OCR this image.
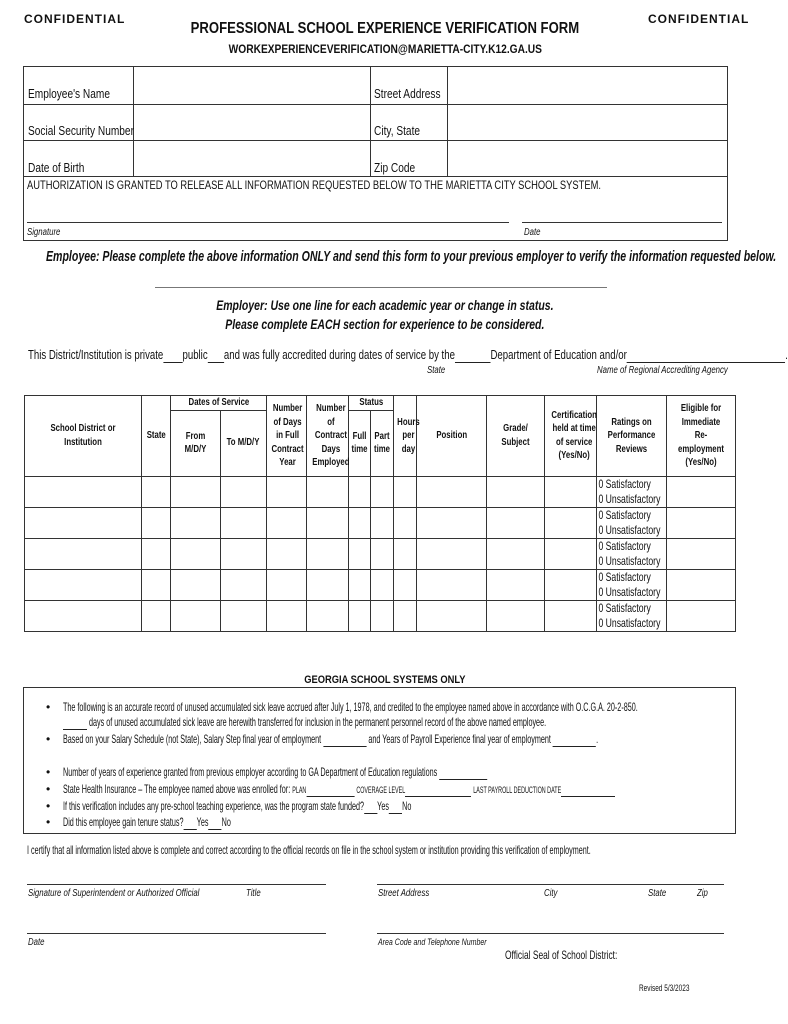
CONFIDENTIAL	CONFIDENTIAL
PROFESSIONAL SCHOOL EXPERIENCE VERIFICATION FORM
WORKEXPERIENCEVERIFICATION@MARIETTA-CITY.K12.GA.US
Employee's Name	Street Address
Social Security Number	City, State
Date of Birth	Zip Code
AUTHORIZATION IS GRANTED TO RELEASE ALL INFORMATION REQUESTED BELOW TO THE MARIETTA CITY SCHOOL SYSTEM.
Signature	Date
Employee: Please complete the above information ONLY and send this form to your previous employer to verify the information requested below.
Employer: Use one line for each academic year or change in status.
Please complete EACH section for experience to be considered.
This District/Institution is private public and was fully accredited during dates of service by the	Department of Education and/or	.
State	Name of Regional Accrediting Agency
School District or Institution	State	Dates of Service		Number of Days in Full Contract Year	Number of Contract Days Employed	Status		Hours per day	Position	Grade/ Subject	Certification held at time of service (Yes/No)	Ratings on Performance Reviews	Eligible for Immediate Re-employment (Yes/No)
		From M/D/Y	To M/D/Y			Full time	Part time						

												0 Satisfactory
0 Unsatisfactory	

												0 Satisfactory
0 Unsatisfactory	

												0 Satisfactory
0 Unsatisfactory	

												0 Satisfactory
0 Unsatisfactory	

												0 Satisfactory
0 Unsatisfactory	

GEORGIA SCHOOL SYSTEMS ONLY
• The following is an accurate record of unused accumulated sick leave accrued after July 1, 1978, and credited to the employee named above in accordance with O.C.G.A. 20-2-850.
days of unused accumulated sick leave are herewith transferred for inclusion in the permanent personnel record of the above named employee.
• Based on your Salary Schedule (not State), Salary Step final year of employment	and Years of Payroll Experience final year of employment	.
• Number of years of experience granted from previous employer according to GA Department of Education regulations
• State Health Insurance – The employee named above was enrolled for: PLAN	COVERAGE LEVEL	LAST PAYROLL DEDUCTION DATE
• If this verification includes any pre-school teaching experience, was the program state funded? Yes No
• Did this employee gain tenure status? Yes No
I certify that all information listed above is complete and correct according to the official records on file in the school system or institution providing this verification of employment.
Signature of Superintendent or Authorized Official	Title	Street Address	City	State	Zip
Date	Area Code and Telephone Number
Official Seal of School District:
Revised 5/3/2023
